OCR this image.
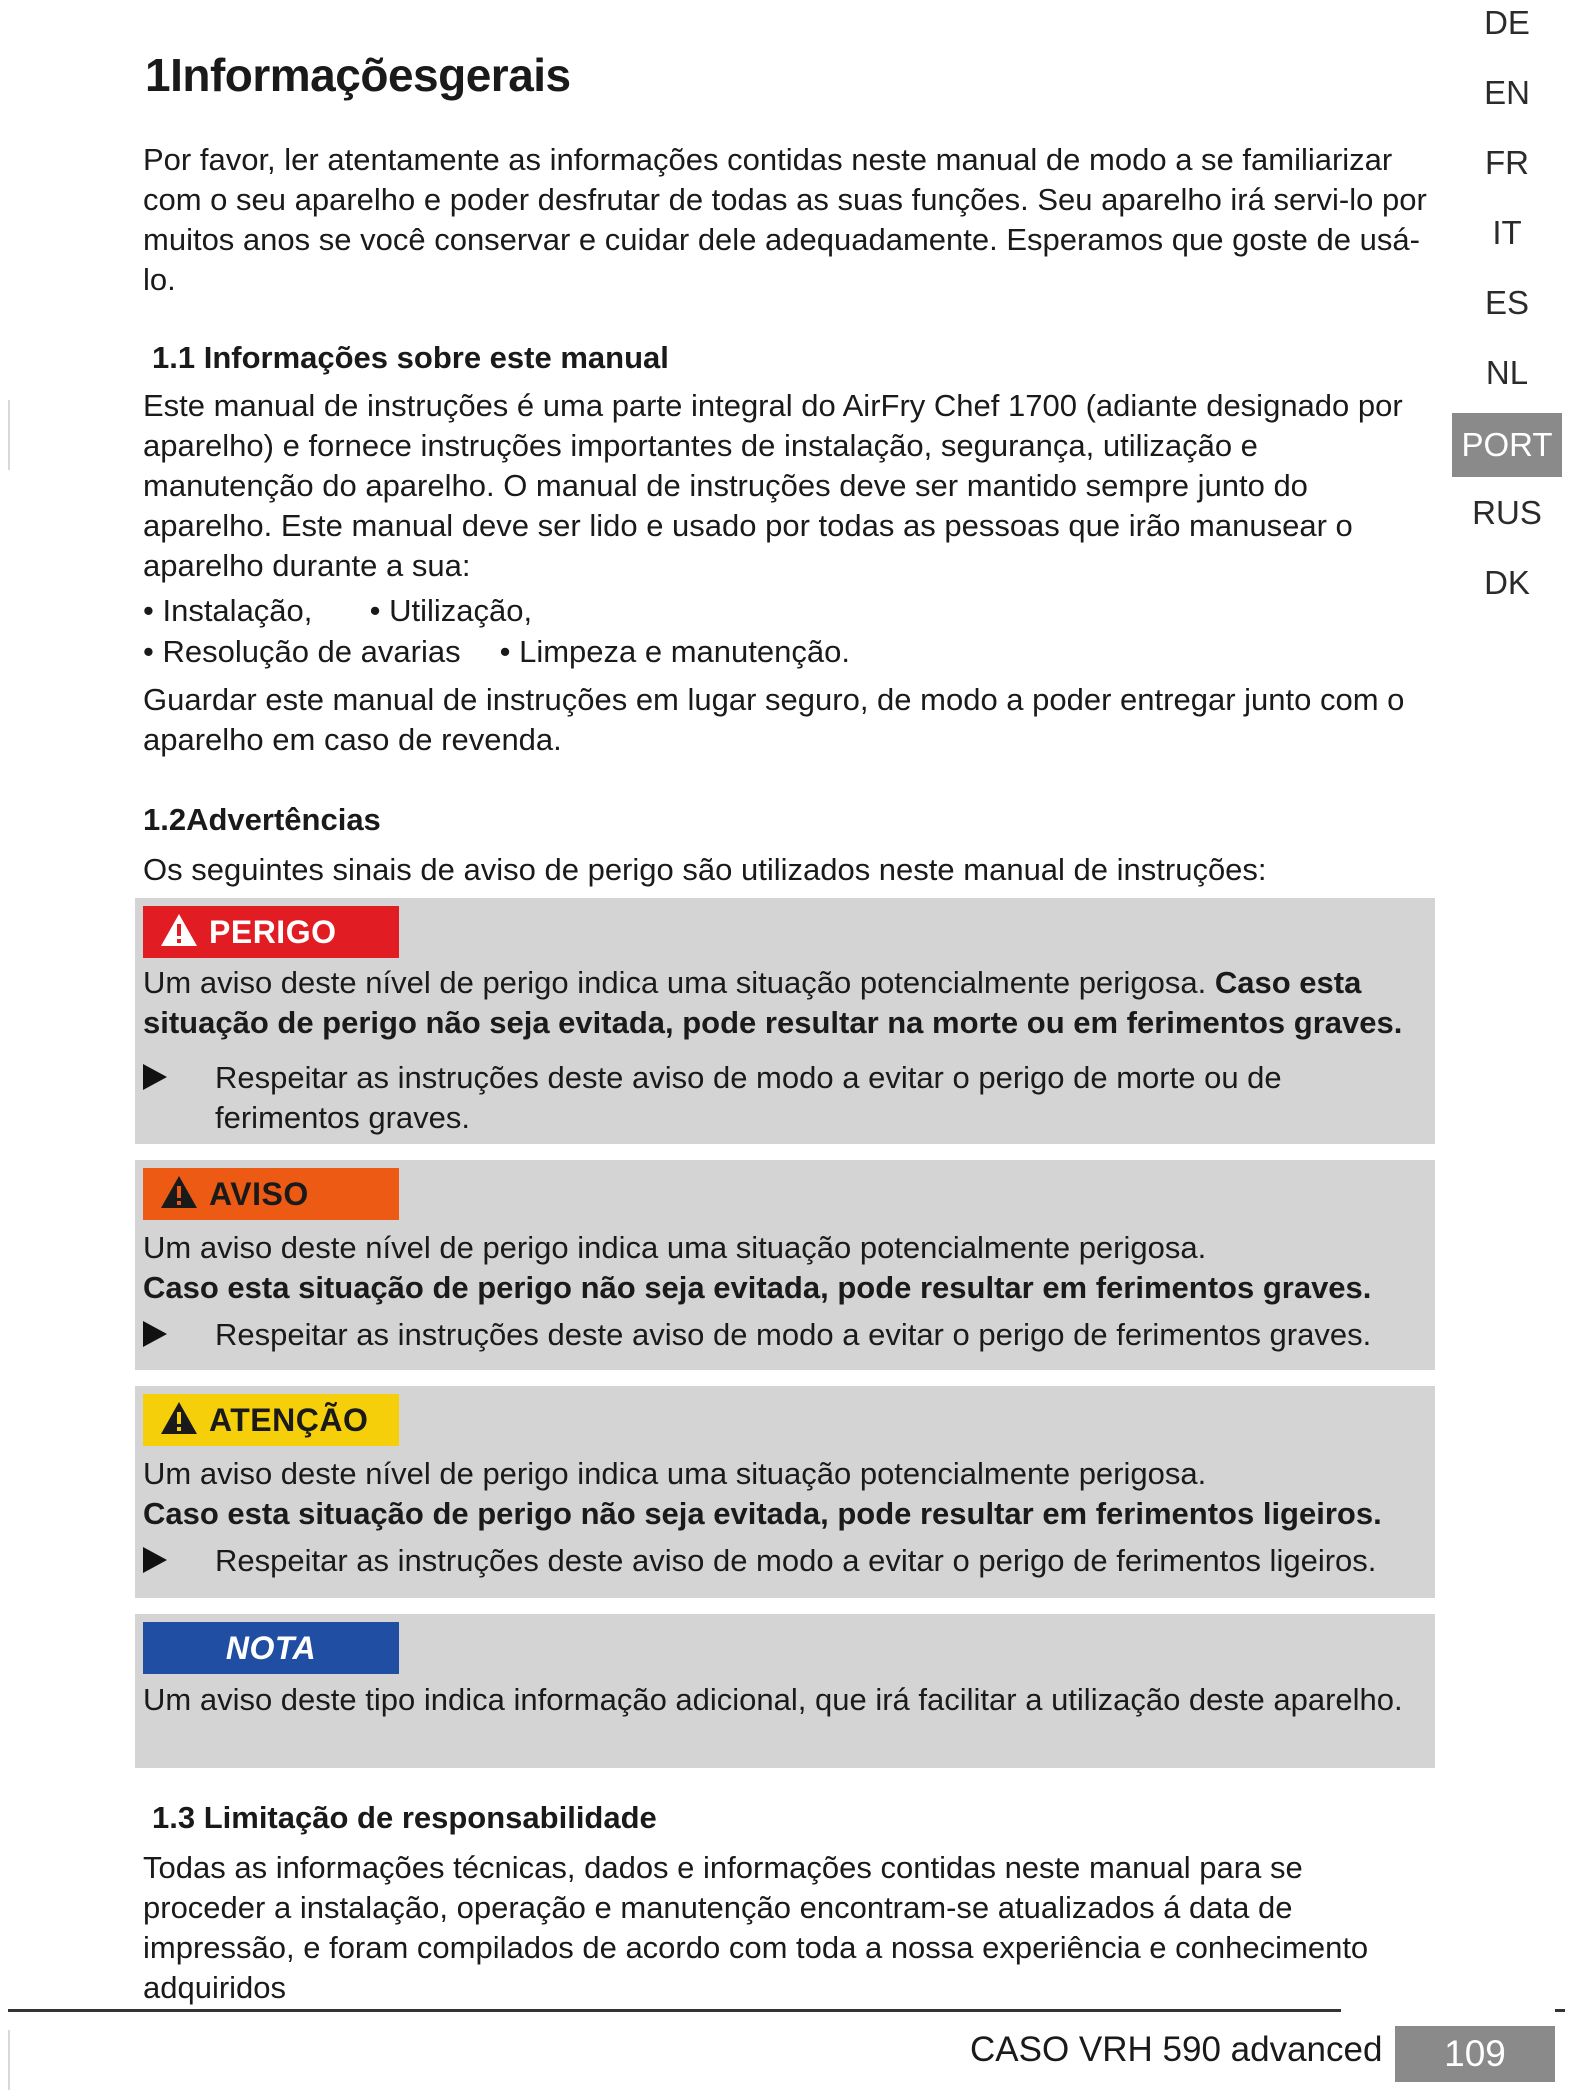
DE
EN
FR
IT
ES
NL
PORT
RUS
DK
1Informaçõesgerais

Por favor, ler atentamente as informações contidas neste manual de modo a se familiarizar com o seu aparelho e poder desfrutar de todas as suas funções. Seu aparelho irá servi-lo por muitos anos se você conservar e cuidar dele adequadamente. Esperamos que goste de usá-lo.

1.1 Informações sobre este manual

Este manual de instruções é uma parte integral do AirFry Chef 1700 (adiante designado por aparelho) e fornece instruções importantes de instalação, segurança, utilização e manutenção do aparelho. O manual de instruções deve ser mantido sempre junto do aparelho. Este manual deve ser lido e usado por todas as pessoas que irão manusear o aparelho durante a sua:

• Instalação, • Utilização,
• Resolução de avarias • Limpeza e manutenção.

Guardar este manual de instruções em lugar seguro, de modo a poder entregar junto com o aparelho em caso de revenda.

1.2Advertências

Os seguintes sinais de aviso de perigo são utilizados neste manual de instruções:

PERIGO
Um aviso deste nível de perigo indica uma situação potencialmente perigosa. Caso esta situação de perigo não seja evitada, pode resultar na morte ou em ferimentos graves.
Respeitar as instruções deste aviso de modo a evitar o perigo de morte ou de ferimentos graves.
AVISO
Um aviso deste nível de perigo indica uma situação potencialmente perigosa.
Caso esta situação de perigo não seja evitada, pode resultar em ferimentos graves.
Respeitar as instruções deste aviso de modo a evitar o perigo de ferimentos graves.
ATENÇÃO
Um aviso deste nível de perigo indica uma situação potencialmente perigosa.
Caso esta situação de perigo não seja evitada, pode resultar em ferimentos ligeiros.
Respeitar as instruções deste aviso de modo a evitar o perigo de ferimentos ligeiros.
NOTA
Um aviso deste tipo indica informação adicional, que irá facilitar a utilização deste aparelho.
1.3 Limitação de responsabilidade

Todas as informações técnicas, dados e informações contidas neste manual para se proceder a instalação, operação e manutenção encontram-se atualizados á data de impressão, e foram compilados de acordo com toda a nossa experiência e conhecimento adquiridos

CASO VRH 590 advanced	109
